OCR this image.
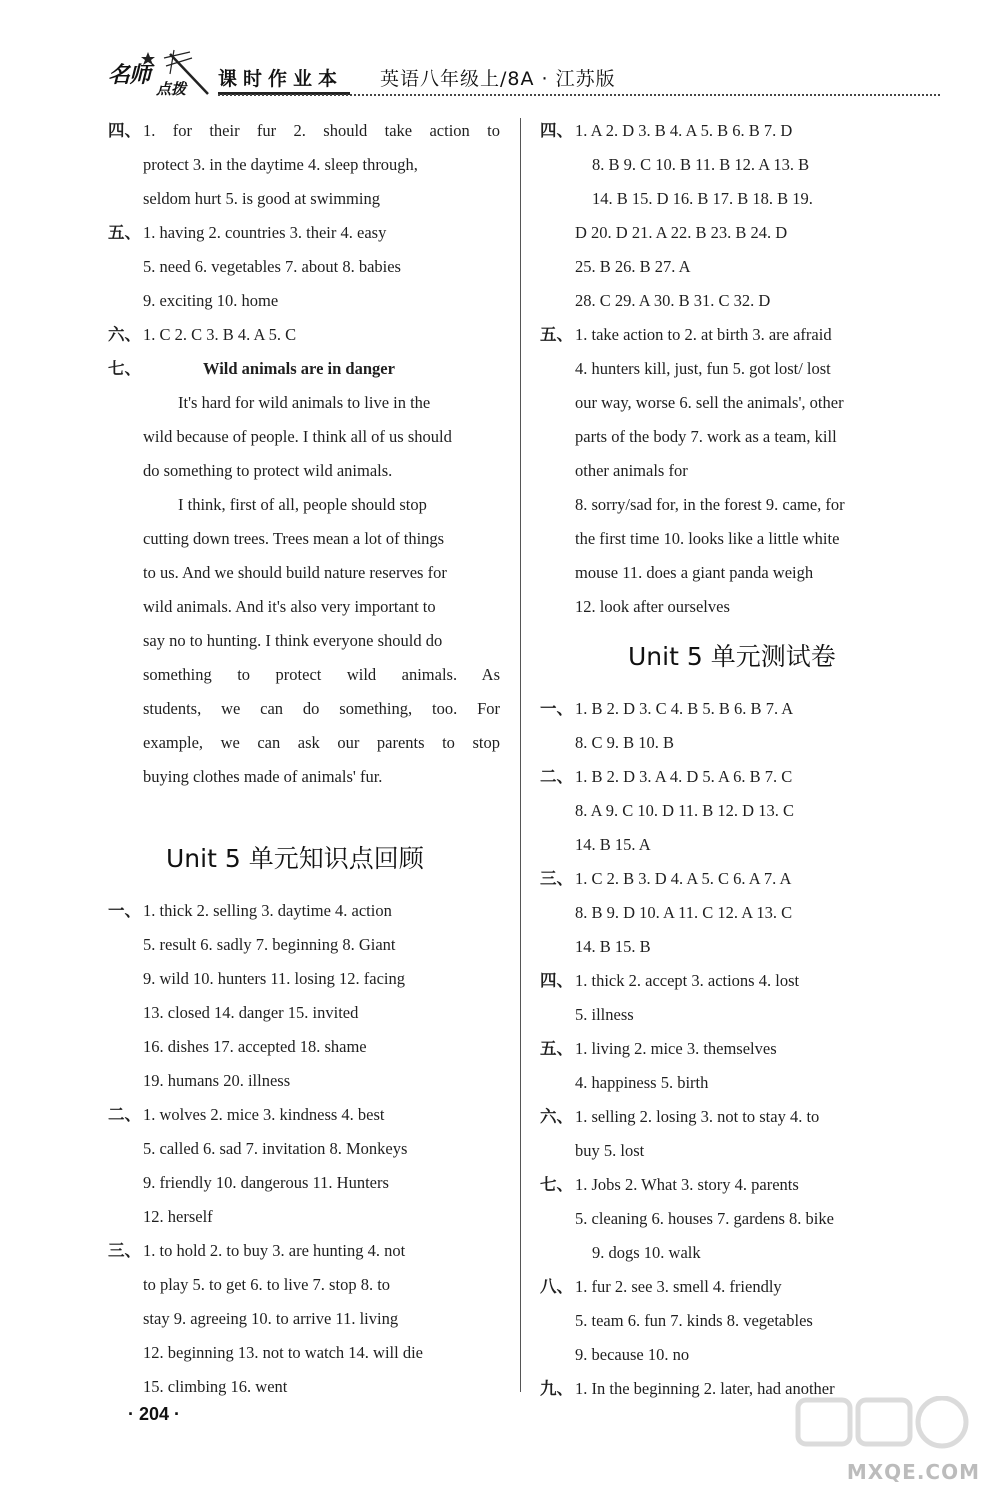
名师
点拨 课时作业本 英语八年级上/8A · 江苏版
四、 1. for their fur 2. should take action to
protect 3. in the daytime 4. sleep through,
seldom hurt 5. is good at swimming
五、 1. having 2. countries 3. their 4. easy
5. need 6. vegetables 7. about 8. babies
9. exciting 10. home
六、 1. C 2. C 3. B 4. A 5. C
七、	Wild animals are in danger
It's hard for wild animals to live in the
wild because of people. I think all of us should
do something to protect wild animals.
I think, first of all, people should stop
cutting down trees. Trees mean a lot of things
to us. And we should build nature reserves for
wild animals. And it's also very important to
say no to hunting. I think everyone should do
something to protect wild animals. As
students, we can do something, too. For
example, we can ask our parents to stop
buying clothes made of animals' fur.
Unit 5 单元知识点回顾
一、 1. thick 2. selling 3. daytime 4. action
5. result 6. sadly 7. beginning 8. Giant
9. wild 10. hunters 11. losing 12. facing
13. closed 14. danger 15. invited
16. dishes 17. accepted 18. shame
19. humans 20. illness
二、 1. wolves 2. mice 3. kindness 4. best
5. called 6. sad 7. invitation 8. Monkeys
9. friendly 10. dangerous 11. Hunters
12. herself
三、 1. to hold 2. to buy 3. are hunting 4. not
to play 5. to get 6. to live 7. stop 8. to
stay 9. agreeing 10. to arrive 11. living
12. beginning 13. not to watch 14. will die
15. climbing 16. went
四、 1. A 2. D 3. B 4. A 5. B 6. B 7. D
8. B 9. C 10. B 11. B 12. A 13. B
14. B 15. D 16. B 17. B 18. B 19.
D 20. D 21. A 22. B 23. B 24. D
25. B 26. B 27. A
28. C 29. A 30. B 31. C 32. D
五、 1. take action to 2. at birth 3. are afraid
4. hunters kill, just, fun 5. got lost/ lost
our way, worse 6. sell the animals', other
parts of the body 7. work as a team, kill
other animals for
8. sorry/sad for, in the forest 9. came, for
the first time 10. looks like a little white
mouse 11. does a giant panda weigh
12. look after ourselves
Unit 5 单元测试卷
一、 1. B 2. D 3. C 4. B 5. B 6. B 7. A
8. C 9. B 10. B
二、 1. B 2. D 3. A 4. D 5. A 6. B 7. C
8. A 9. C 10. D 11. B 12. D 13. C
14. B 15. A
三、 1. C 2. B 3. D 4. A 5. C 6. A 7. A
8. B 9. D 10. A 11. C 12. A 13. C
14. B 15. B
四、 1. thick 2. accept 3. actions 4. lost
5. illness
五、 1. living 2. mice 3. themselves
4. happiness 5. birth
六、 1. selling 2. losing 3. not to stay 4. to
buy 5. lost
七、 1. Jobs 2. What 3. story 4. parents
5. cleaning 6. houses 7. gardens 8. bike
9. dogs 10. walk
八、 1. fur 2. see 3. smell 4. friendly
5. team 6. fun 7. kinds 8. vegetables
9. because 10. no
九、 1. In the beginning 2. later, had another
· 204 ·
MXQE.COM
